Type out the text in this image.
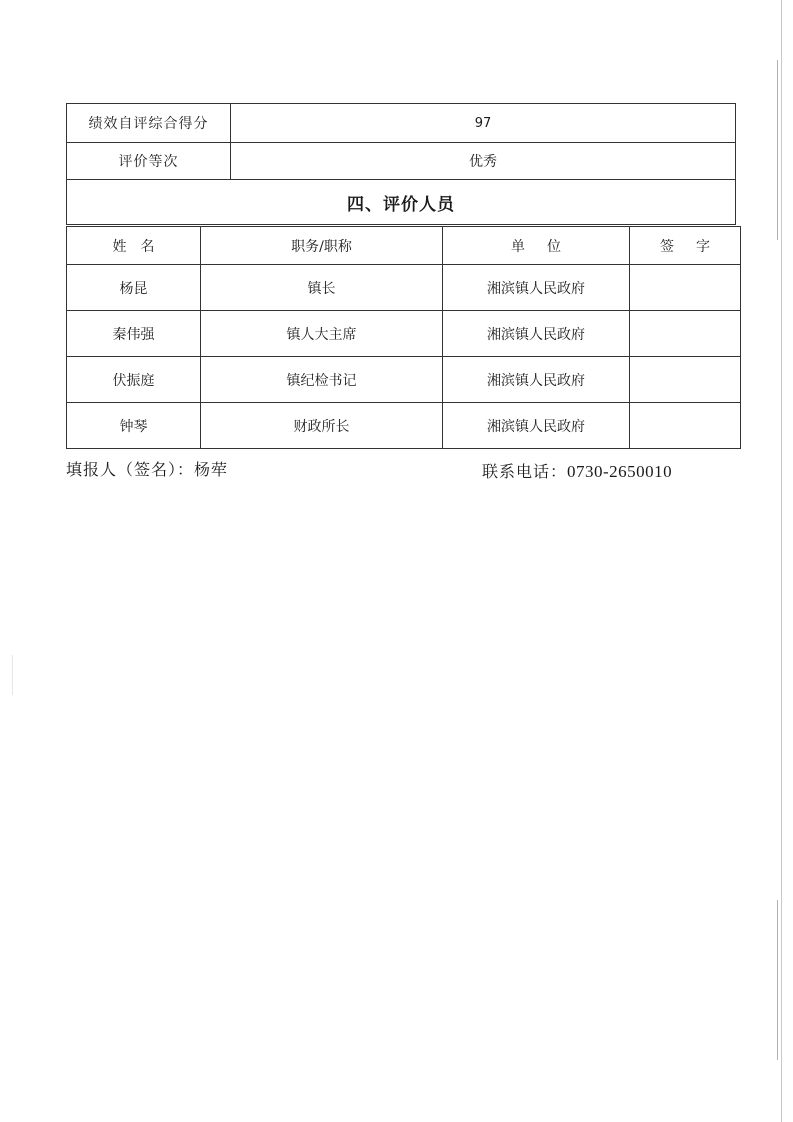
绩效自评综合得分	97
评价等次	优秀
四、评价人员	
姓名	职务/职称	单位	签字
杨昆	镇长	湘滨镇人民政府	
秦伟强	镇人大主席	湘滨镇人民政府	
伏振庭	镇纪检书记	湘滨镇人民政府	
钟琴	财政所长	湘滨镇人民政府	
填报人（签名）：杨荦	联系电话：0730-2650010
